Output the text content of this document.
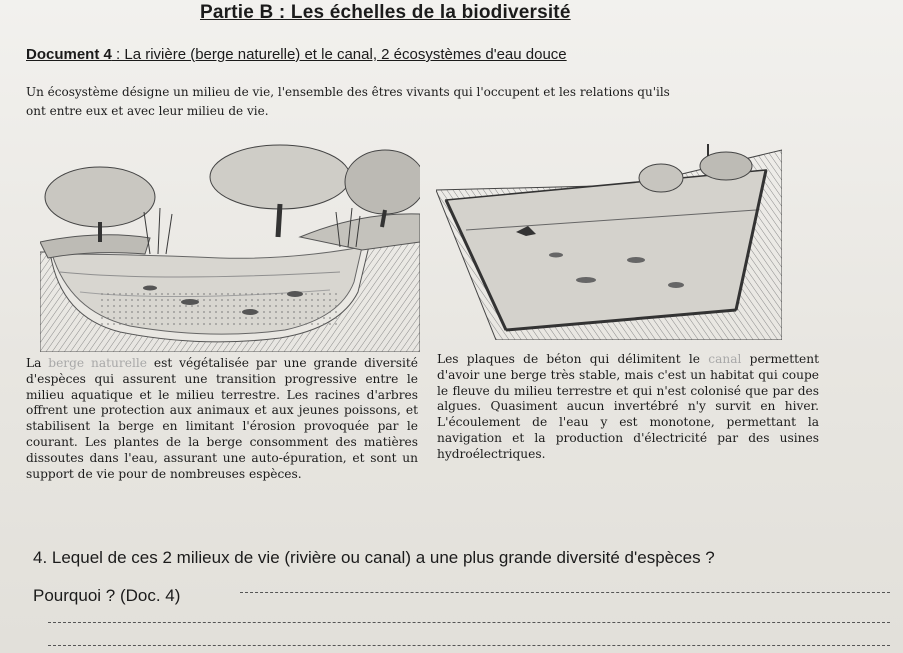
Partie B : Les échelles de la biodiversité
Document 4 : La rivière (berge naturelle) et le canal, 2 écosystèmes d'eau douce
Un écosystème désigne un milieu de vie, l'ensemble des êtres vivants qui l'occupent et les relations qu'ils ont entre eux et avec leur milieu de vie.
La berge naturelle est végétalisée par une grande diversité d'espèces qui assurent une transition progressive entre le milieu aquatique et le milieu terrestre. Les racines d'arbres offrent une protection aux animaux et aux jeunes poissons, et stabilisent la berge en limitant l'érosion provoquée par le courant. Les plantes de la berge consomment des matières dissoutes dans l'eau, assurant une auto-épuration, et sont un support de vie pour de nombreuses espèces.
Les plaques de béton qui délimitent le canal permettent d'avoir une berge très stable, mais c'est un habitat qui coupe le fleuve du milieu terrestre et qui n'est colonisé que par des algues. Quasiment aucun invertébré n'y survit en hiver. L'écoulement de l'eau y est monotone, permettant la navigation et la production d'électricité par des usines hydroélectriques.
4. Lequel de ces 2 milieux de vie (rivière ou canal) a une plus grande diversité d'espèces ?
Pourquoi ? (Doc. 4)
